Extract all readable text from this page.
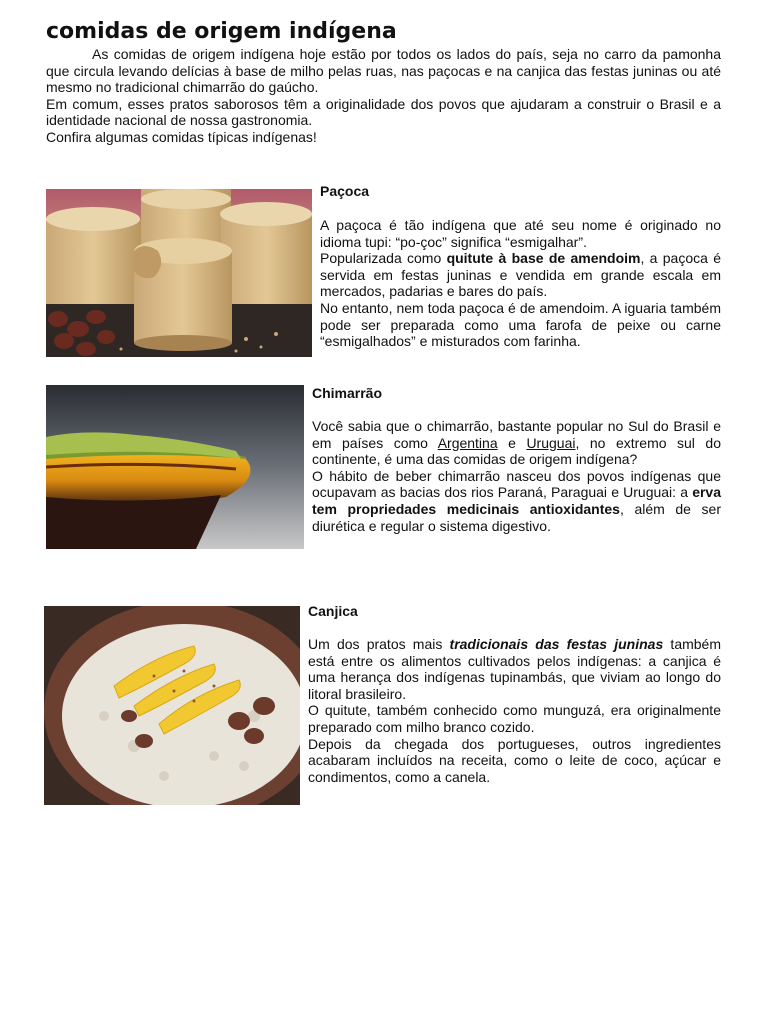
comidas de origem indígena

As comidas de origem indígena hoje estão por todos os lados do país, seja no carro da pamonha que circula levando delícias à base de milho pelas ruas, nas paçocas e na canjica das festas juninas ou até mesmo no tradicional chimarrão do gaúcho.

Em comum, esses pratos saborosos têm a originalidade dos povos que ajudaram a construir o Brasil e a identidade nacional de nossa gastronomia.

Confira algumas comidas típicas indígenas!

Paçoca

A paçoca é tão indígena que até seu nome é originado no idioma tupi: “po-çoc” significa “esmigalhar”.

Popularizada como quitute à base de amendoim, a paçoca é servida em festas juninas e vendida em grande escala em mercados, padarias e bares do país.

No entanto, nem toda paçoca é de amendoim. A iguaria também pode ser preparada como uma farofa de peixe ou carne “esmigalhados” e misturados com farinha.

Chimarrão

Você sabia que o chimarrão, bastante popular no Sul do Brasil e em países como Argentina e Uruguai, no extremo sul do continente, é uma das comidas de origem indígena?

O hábito de beber chimarrão nasceu dos povos indígenas que ocupavam as bacias dos rios Paraná, Paraguai e Uruguai: a erva tem propriedades medicinais antioxidantes, além de ser diurética e regular o sistema digestivo.

Canjica

Um dos pratos mais tradicionais das festas juninas também está entre os alimentos cultivados pelos indígenas: a canjica é uma herança dos indígenas tupinambás, que viviam ao longo do litoral brasileiro.

O quitute, também conhecido como munguzá, era originalmente preparado com milho branco cozido.

Depois da chegada dos portugueses, outros ingredientes acabaram incluídos na receita, como o leite de coco, açúcar e condimentos, como a canela.
